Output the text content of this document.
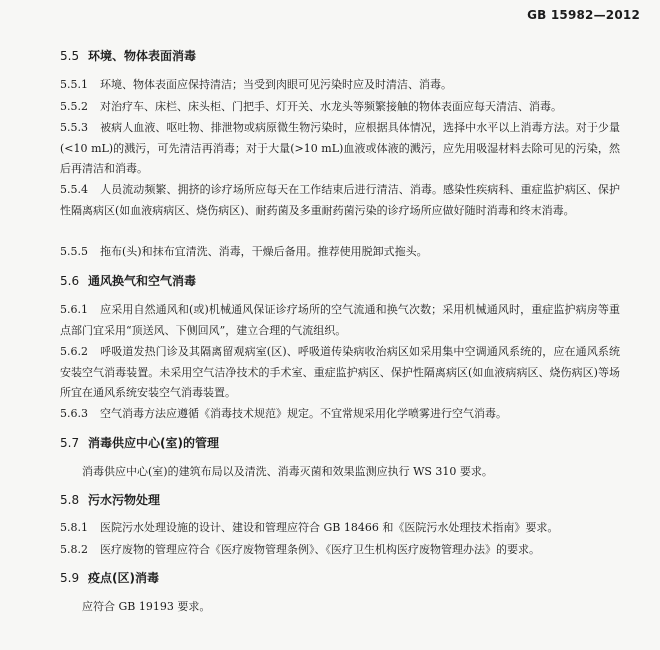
GB 15982—2012
5.5 环境、物体表面消毒
5.5.1 环境、物体表面应保持清洁；当受到肉眼可见污染时应及时清洁、消毒。
5.5.2 对治疗车、床栏、床头柜、门把手、灯开关、水龙头等频繁接触的物体表面应每天清洁、消毒。
5.5.3 被病人血液、呕吐物、排泄物或病原微生物污染时，应根据具体情况，选择中水平以上消毒方法。对于少量(<10 mL)的溅污，可先清洁再消毒；对于大量(>10 mL)血液或体液的溅污，应先用吸湿材料去除可见的污染，然后再清洁和消毒。
5.5.4 人员流动频繁、拥挤的诊疗场所应每天在工作结束后进行清洁、消毒。感染性疾病科、重症监护病区、保护性隔离病区(如血液病病区、烧伤病区)、耐药菌及多重耐药菌污染的诊疗场所应做好随时消毒和终末消毒。
5.5.5 拖布(头)和抹布宜清洗、消毒，干燥后备用。推荐使用脱卸式拖头。
5.6 通风换气和空气消毒
5.6.1 应采用自然通风和(或)机械通风保证诊疗场所的空气流通和换气次数；采用机械通风时，重症监护病房等重点部门宜采用“顶送风、下侧回风”，建立合理的气流组织。
5.6.2 呼吸道发热门诊及其隔离留观病室(区)、呼吸道传染病收治病区如采用集中空调通风系统的，应在通风系统安装空气消毒装置。未采用空气洁净技术的手术室、重症监护病区、保护性隔离病区(如血液病病区、烧伤病区)等场所宜在通风系统安装空气消毒装置。
5.6.3 空气消毒方法应遵循《消毒技术规范》规定。不宜常规采用化学喷雾进行空气消毒。
5.7 消毒供应中心(室)的管理
消毒供应中心(室)的建筑布局以及清洗、消毒灭菌和效果监测应执行 WS 310 要求。
5.8 污水污物处理
5.8.1 医院污水处理设施的设计、建设和管理应符合 GB 18466 和《医院污水处理技术指南》要求。
5.8.2 医疗废物的管理应符合《医疗废物管理条例》、《医疗卫生机构医疗废物管理办法》的要求。
5.9 疫点(区)消毒
应符合 GB 19193 要求。
